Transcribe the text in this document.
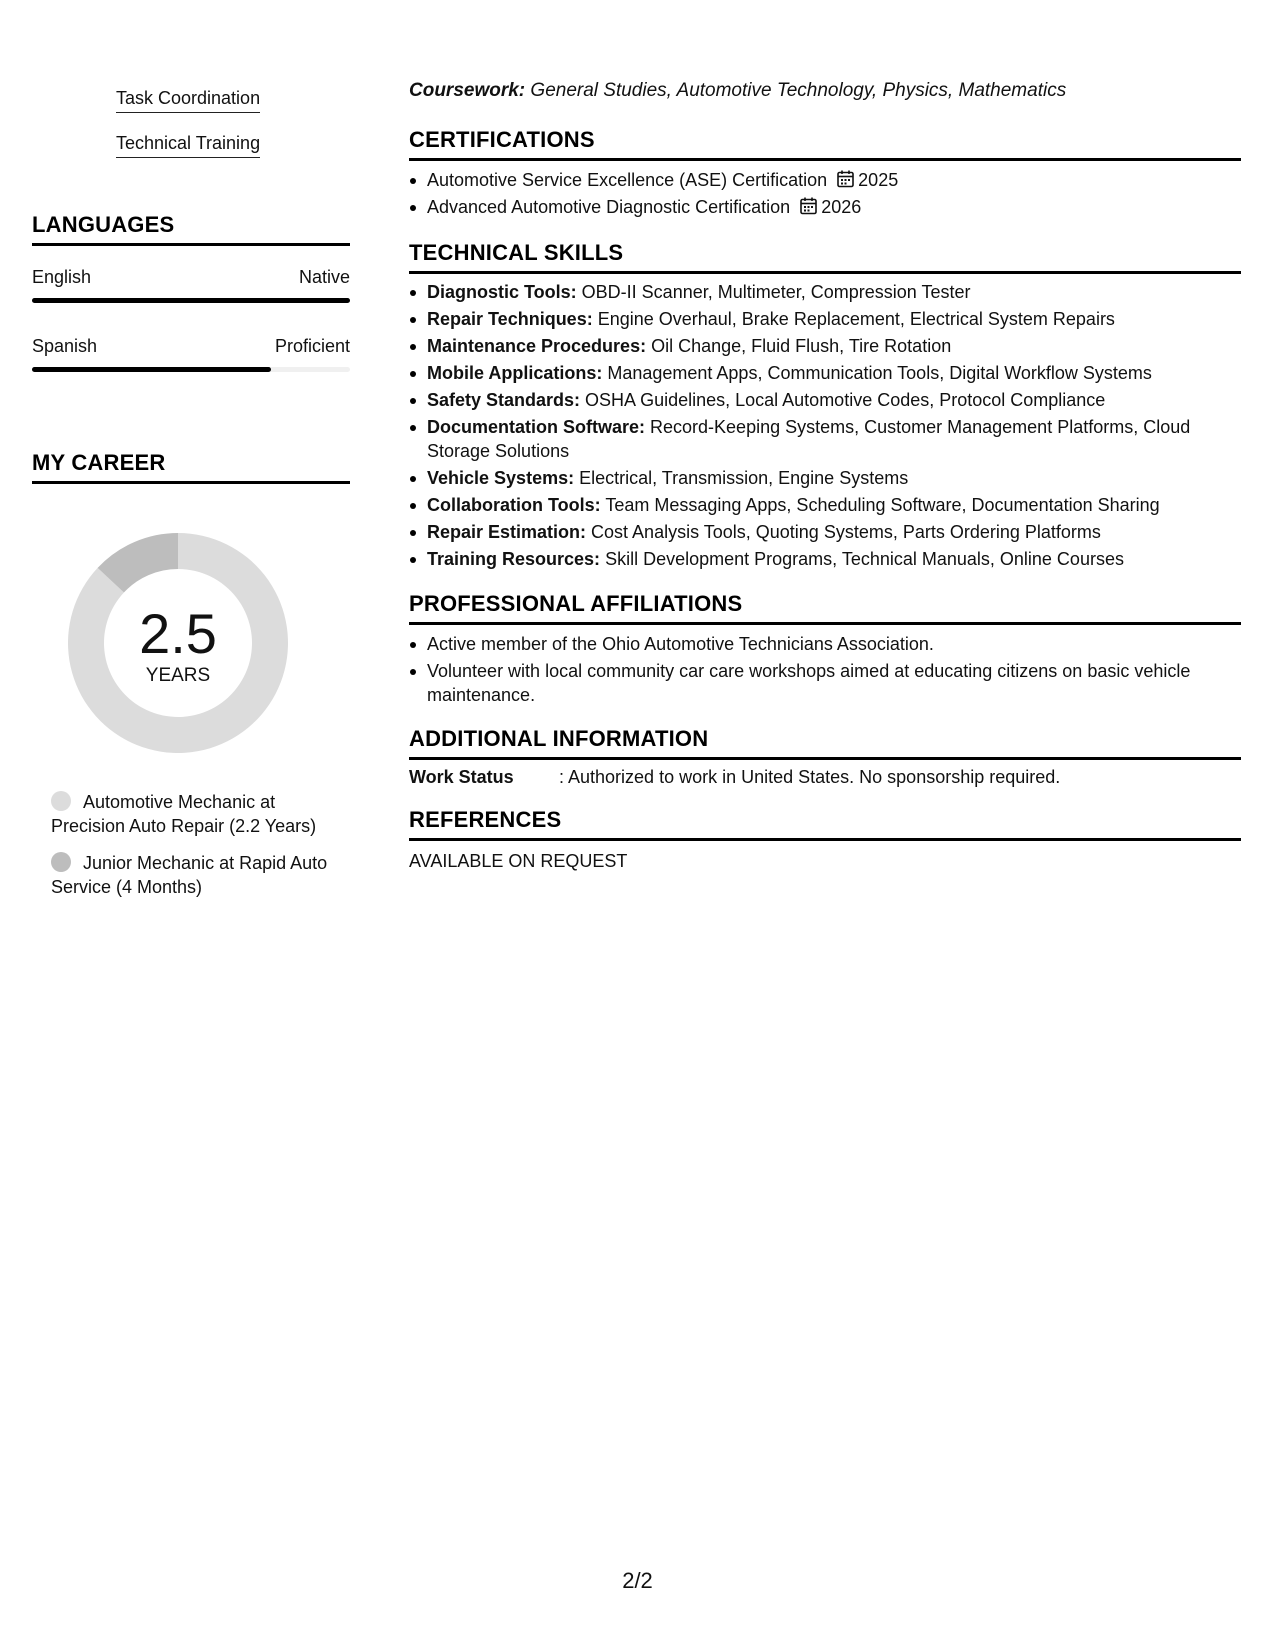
Task Coordination
Technical Training
LANGUAGES
English	Native
Spanish	Proficient
MY CAREER
2.5
YEARS
Automotive Mechanic at Precision Auto Repair (2.2 Years)
Junior Mechanic at Rapid Auto Service (4 Months)
Coursework: General Studies, Automotive Technology, Physics, Mathematics
CERTIFICATIONS
Automotive Service Excellence (ASE) Certification 2025
Advanced Automotive Diagnostic Certification 2026
TECHNICAL SKILLS
Diagnostic Tools: OBD-II Scanner, Multimeter, Compression Tester
Repair Techniques: Engine Overhaul, Brake Replacement, Electrical System Repairs
Maintenance Procedures: Oil Change, Fluid Flush, Tire Rotation
Mobile Applications: Management Apps, Communication Tools, Digital Workflow Systems
Safety Standards: OSHA Guidelines, Local Automotive Codes, Protocol Compliance
Documentation Software: Record-Keeping Systems, Customer Management Platforms, Cloud Storage Solutions
Vehicle Systems: Electrical, Transmission, Engine Systems
Collaboration Tools: Team Messaging Apps, Scheduling Software, Documentation Sharing
Repair Estimation: Cost Analysis Tools, Quoting Systems, Parts Ordering Platforms
Training Resources: Skill Development Programs, Technical Manuals, Online Courses
PROFESSIONAL AFFILIATIONS
Active member of the Ohio Automotive Technicians Association.
Volunteer with local community car care workshops aimed at educating citizens on basic vehicle maintenance.
ADDITIONAL INFORMATION
Work Status	: Authorized to work in United States. No sponsorship required.
REFERENCES
AVAILABLE ON REQUEST
2/2
